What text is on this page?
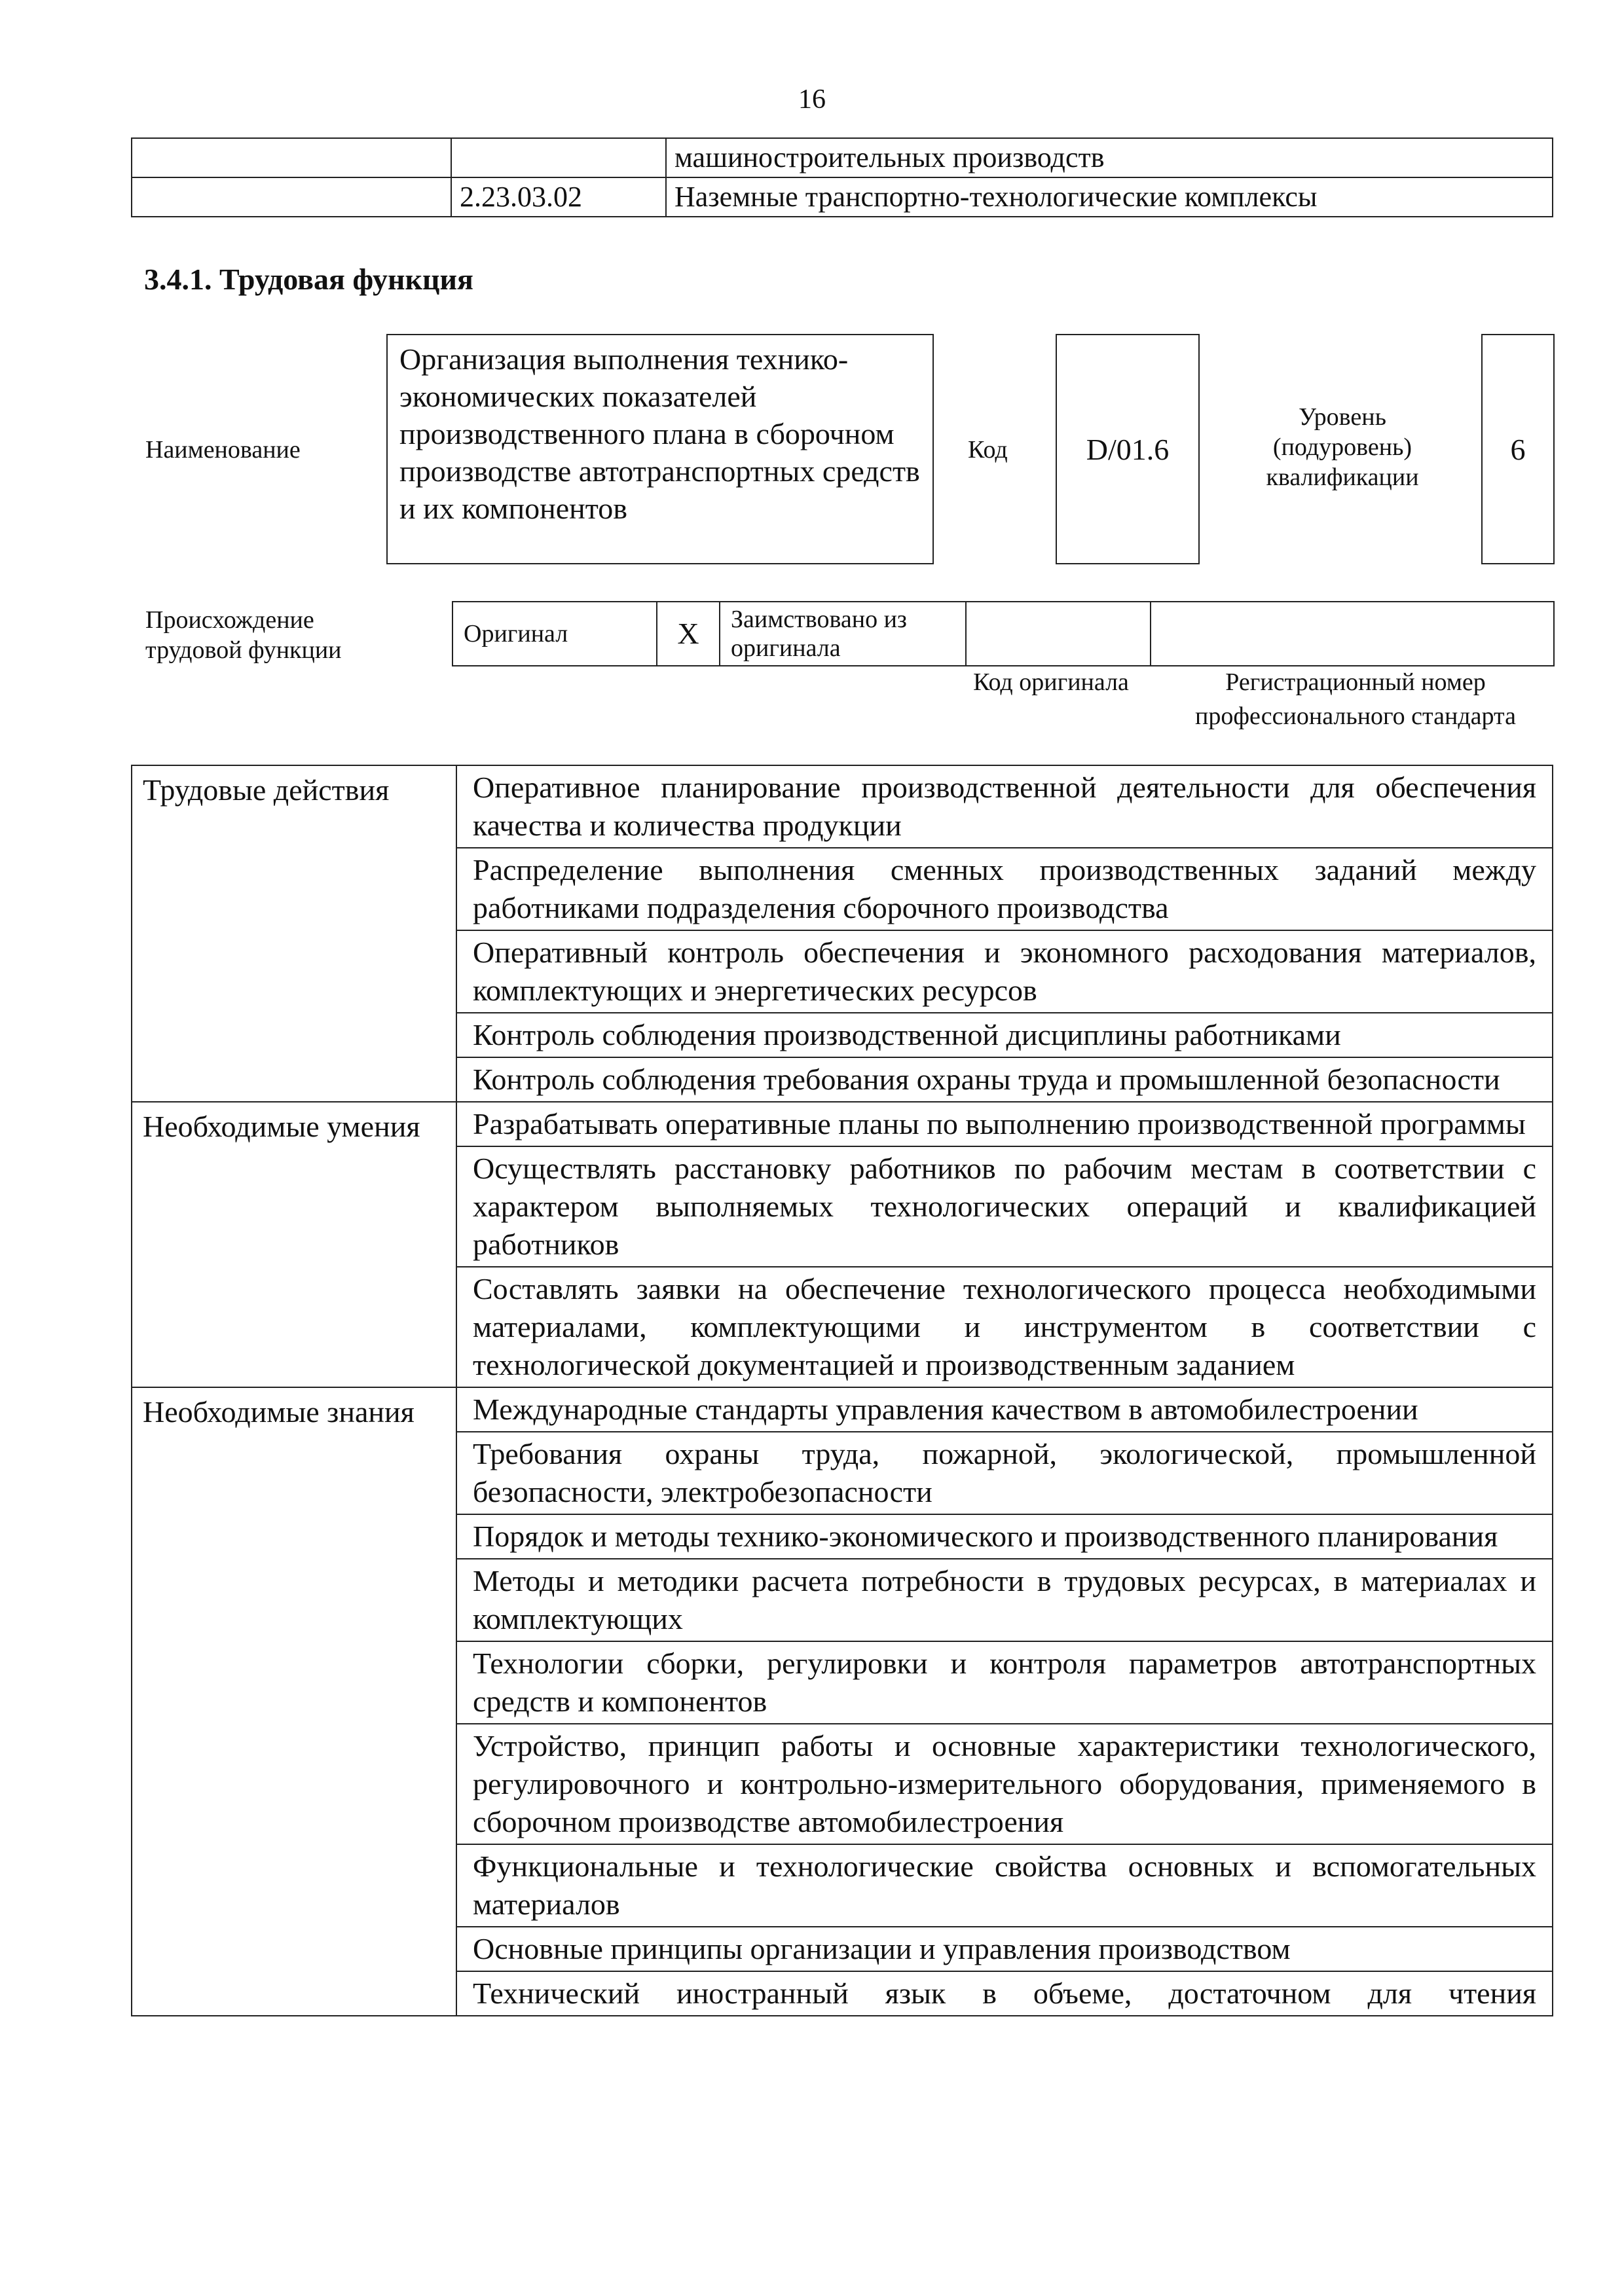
16
		машиностроительных производств
	2.23.03.02	Наземные транспортно-технологические комплексы
3.4.1. Трудовая функция
Наименование
Организация выполнения технико-экономических показателей производственного плана в сборочном производстве автотранспортных средств и их компонентов
Код	D/01.6
Уровень (подуровень) квалификации
6
Происхождение трудовой функции
Оригинал	X	Заимствовано из оригинала		
Код оригинала	Регистрационный номер профессионального стандарта
Трудовые действия	Оперативное планирование производственной деятельности для обеспечения качества и количества продукции
	Распределение выполнения сменных производственных заданий между работниками подразделения сборочного производства
	Оперативный контроль обеспечения и экономного расходования материалов, комплектующих и энергетических ресурсов
	Контроль соблюдения производственной дисциплины работниками
	Контроль соблюдения требования охраны труда и промышленной безопасности
Необходимые умения	Разрабатывать оперативные планы по выполнению производственной программы
	Осуществлять расстановку работников по рабочим местам в соответствии с характером выполняемых технологических операций и квалификацией работников
	Составлять заявки на обеспечение технологического процесса необходимыми материалами, комплектующими и инструментом в соответствии с технологической документацией и производственным заданием
Необходимые знания	Международные стандарты управления качеством в автомобилестроении
	Требования охраны труда, пожарной, экологической, промышленной безопасности, электробезопасности
	Порядок и методы технико-экономического и производственного планирования
	Методы и методики расчета потребности в трудовых ресурсах, в материалах и комплектующих
	Технологии сборки, регулировки и контроля параметров автотранспортных средств и компонентов
	Устройство, принцип работы и основные характеристики технологического, регулировочного и контрольно-измерительного оборудования, применяемого в сборочном производстве автомобилестроения
	Функциональные и технологические свойства основных и вспомогательных материалов
	Основные принципы организации и управления производством
	Технический иностранный язык в объеме, достаточном для чтения
